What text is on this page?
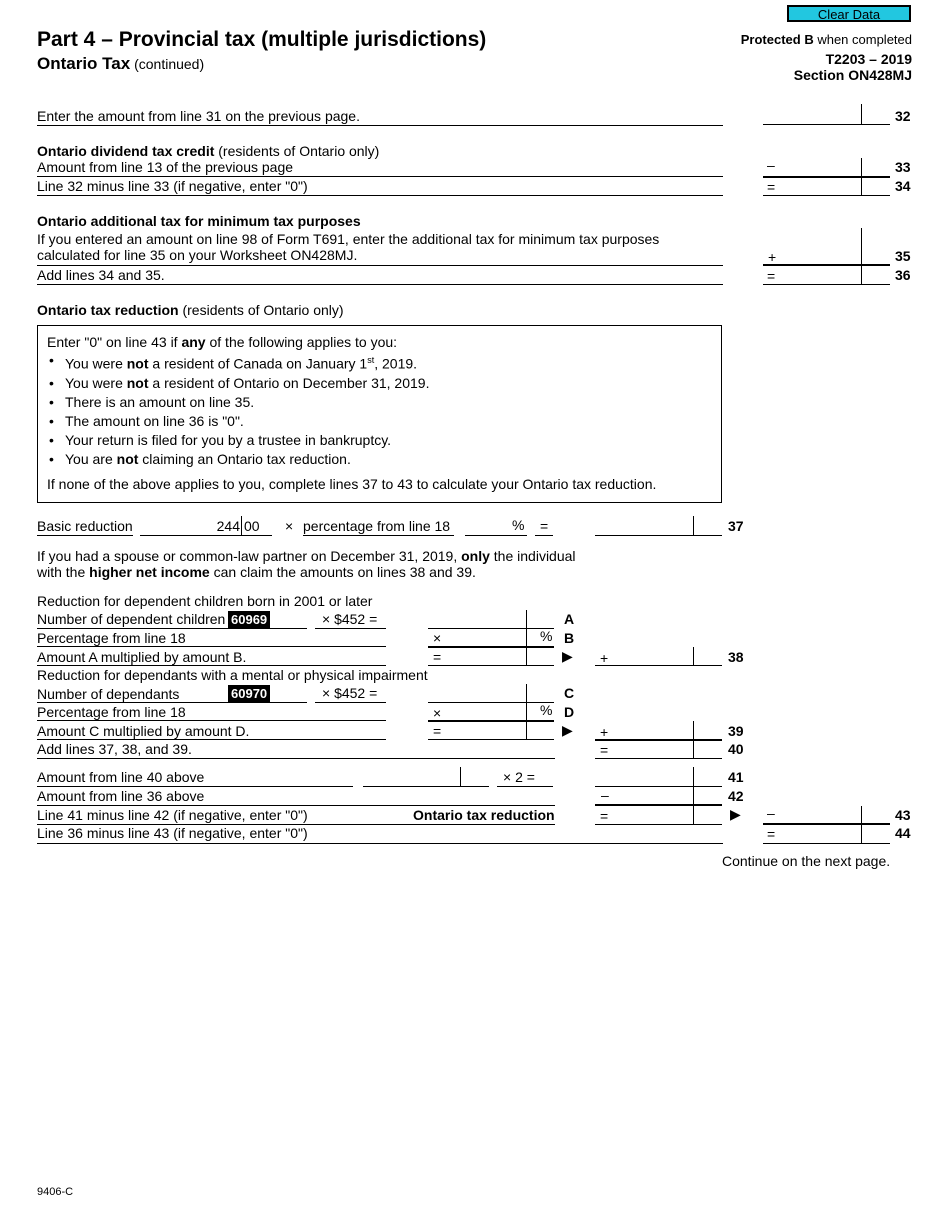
Clear Data
Part 4 – Provincial tax (multiple jurisdictions)
Ontario Tax (continued)
Protected B when completed
T2203 – 2019
Section ON428MJ
Enter the amount from line 31 on the previous page.	32
Ontario dividend tax credit (residents of Ontario only)
Amount from line 13 of the previous page	–	33
Line 32 minus line 33 (if negative, enter "0")	=	34
Ontario additional tax for minimum tax purposes
If you entered an amount on line 98 of Form T691, enter the additional tax for minimum tax purposes
calculated for line 35 on your Worksheet ON428MJ.	+	35
Add lines 34 and 35.	=	36
Ontario tax reduction (residents of Ontario only)
Enter "0" on line 43 if any of the following applies to you:
• You were not a resident of Canada on January 1st, 2019.
• You were not a resident of Ontario on December 31, 2019.
• There is an amount on line 35.
• The amount on line 36 is "0".
• Your return is filed for you by a trustee in bankruptcy.
• You are not claiming an Ontario tax reduction.
If none of the above applies to you, complete lines 37 to 43 to calculate your Ontario tax reduction.
Basic reduction	244 00 × percentage from line 18	% =	37
If you had a spouse or common-law partner on December 31, 2019, only the individual
with the higher net income can claim the amounts on lines 38 and 39.
Reduction for dependent children born in 2001 or later
Number of dependent children 60969	× $452 =	A
Percentage from line 18	×	% B
Amount A multiplied by amount B.	=	▶ +	38
Reduction for dependants with a mental or physical impairment
Number of dependants	60970	× $452 =	C
Percentage from line 18	×	% D
Amount C multiplied by amount D.	=	▶ +	39
Add lines 37, 38, and 39.	=	40
Amount from line 40 above	× 2 =	41
Amount from line 36 above	–	42
Line 41 minus line 42 (if negative, enter "0")	Ontario tax reduction	=	▶ –	43
Line 36 minus line 43 (if negative, enter "0")	=	44
Continue on the next page.
9406-C
